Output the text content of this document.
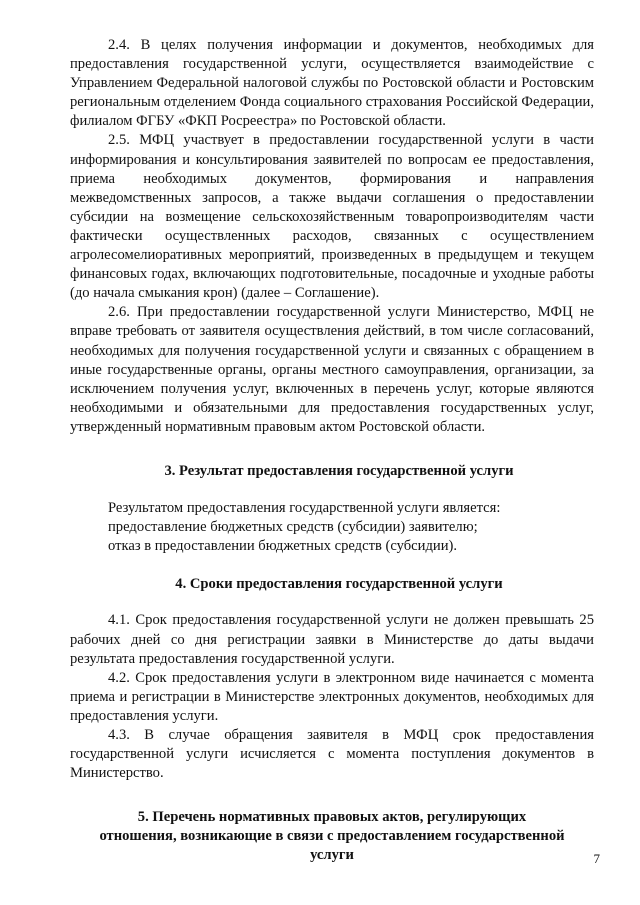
2.4. В целях получения информации и документов, необходимых для предоставления государственной услуги, осуществляется взаимодействие с Управлением Федеральной налоговой службы по Ростовской области и Ростовским региональным отделением Фонда социального страхования Российской Федерации, филиалом ФГБУ «ФКП Росреестра» по Ростовской области.

2.5. МФЦ участвует в предоставлении государственной услуги в части информирования и консультирования заявителей по вопросам ее предоставления, приема необходимых документов, формирования и направления межведомственных запросов, а также выдачи соглашения о предоставлении субсидии на возмещение сельскохозяйственным товаропроизводителям части фактически осуществленных расходов, связанных с осуществлением агролесомелиоративных мероприятий, произведенных в предыдущем и текущем финансовых годах, включающих подготовительные, посадочные и уходные работы (до начала смыкания крон) (далее – Соглашение).

2.6. При предоставлении государственной услуги Министерство, МФЦ не вправе требовать от заявителя осуществления действий, в том числе согласований, необходимых для получения государственной услуги и связанных с обращением в иные государственные органы, органы местного самоуправления, организации, за исключением получения услуг, включенных в перечень услуг, которые являются необходимыми и обязательными для предоставления государственных услуг, утвержденный нормативным правовым актом Ростовской области.

3. Результат предоставления государственной услуги
Результатом предоставления государственной услуги является:
предоставление бюджетных средств (субсидии) заявителю;
отказ в предоставлении бюджетных средств (субсидии).
4. Сроки предоставления государственной услуги

4.1. Срок предоставления государственной услуги не должен превышать 25 рабочих дней со дня регистрации заявки в Министерстве до даты выдачи результата предоставления государственной услуги.

4.2. Срок предоставления услуги в электронном виде начинается с момента приема и регистрации в Министерстве электронных документов, необходимых для предоставления услуги.

4.3. В случае обращения заявителя в МФЦ срок предоставления государственной услуги исчисляется с момента поступления документов в Министерство.

5. Перечень нормативных правовых актов, регулирующих
отношения, возникающие в связи с предоставлением государственной
услуги	7
